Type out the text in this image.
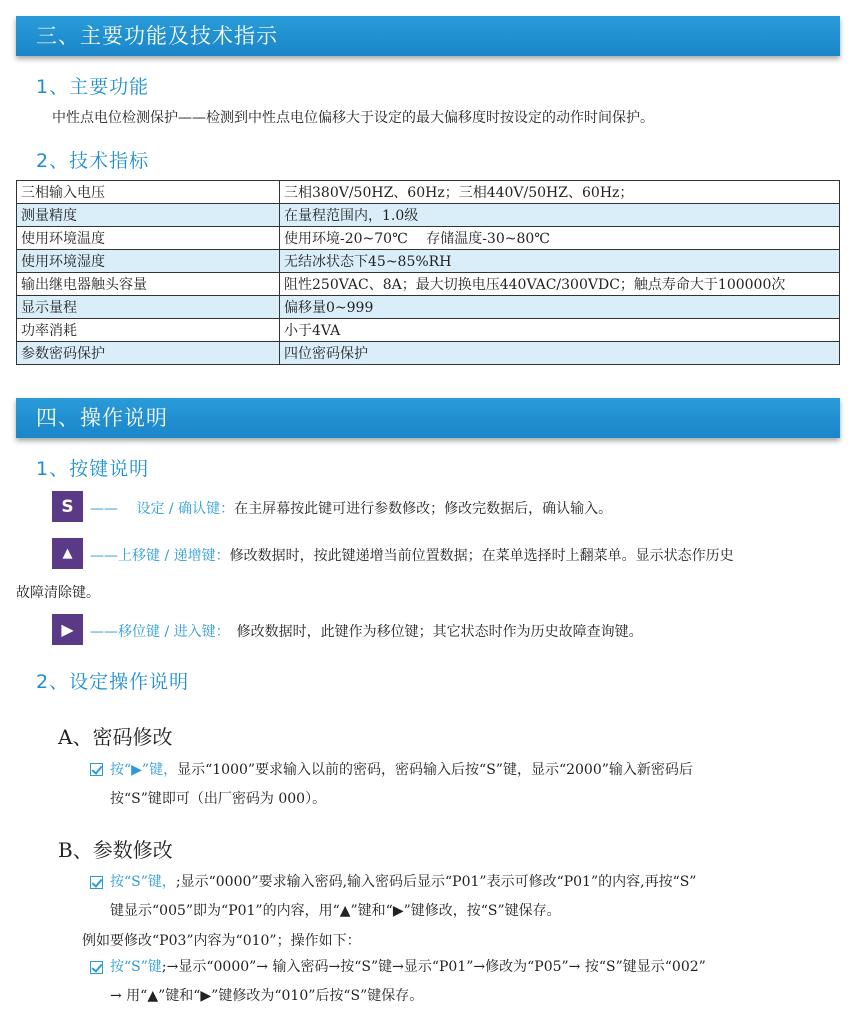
三、主要功能及技术指示
1、主要功能
中性点电位检测保护——检测到中性点电位偏移大于设定的最大偏移度时按设定的动作时间保护。
2、技术指标
三相输入电压	三相380V/50HZ、60Hz；三相440V/50HZ、60Hz；
测量精度	在量程范围内，1.0级
使用环境温度	使用环境-20~70℃　 存储温度-30~80℃
使用环境湿度	无结冰状态下45~85%RH
输出继电器触头容量	阻性250VAC、8A；最大切换电压440VAC/300VDC；触点寿命大于100000次
显示量程	偏移量0~999
功率消耗	小于4VA
参数密码保护	四位密码保护
四、操作说明
1、按键说明
S ——　 设定 / 确认键：在主屏幕按此键可进行参数修改；修改完数据后，确认输入。
▲ ——上移键 / 递增键：修改数据时，按此键递增当前位置数据；在菜单选择时上翻菜单。显示状态作历史
故障清除键。
▶ ——移位键 / 进入键：　修改数据时，此键作为移位键；其它状态时作为历史故障查询键。
2、设定操作说明
A、密码修改
按“▶”键，显示“1000”要求输入以前的密码，密码输入后按“S”键，显示“2000”输入新密码后
按“S”键即可（出厂密码为 000）。
B、参数修改
按“S”键，;显示“0000”要求输入密码,输入密码后显示“P01”表示可修改“P01”的内容,再按“S”
键显示“005”即为“P01”的内容，用“▲”键和“▶”键修改，按“S”键保存。
例如要修改“P03”内容为“010”；操作如下：
按“S”键;→显示“0000”→ 输入密码→按“S”键→显示“P01”→修改为“P05”→ 按“S”键显示“002”
→ 用“▲”键和“▶”键修改为“010”后按“S”键保存。
